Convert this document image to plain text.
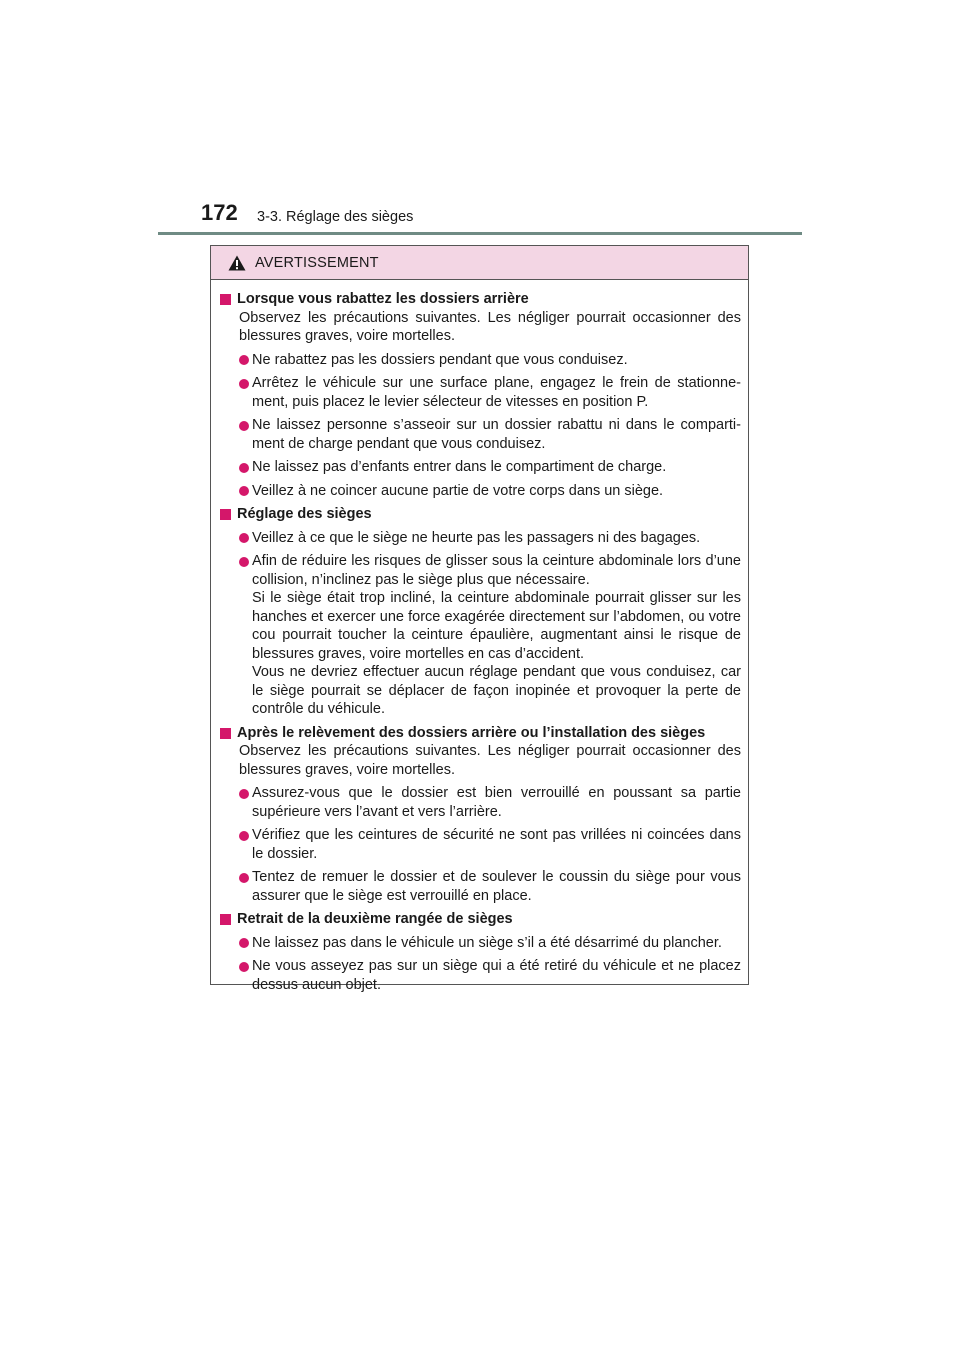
172 3-3. Réglage des sièges
AVERTISSEMENT
Lorsque vous rabattez les dossiers arrière
Observez les précautions suivantes. Les négliger pourrait occasionner des blessures graves, voire mortelles.
Ne rabattez pas les dossiers pendant que vous conduisez.
Arrêtez le véhicule sur une surface plane, engagez le frein de stationnement, puis placez le levier sélecteur de vitesses en position P.
Ne laissez personne s’asseoir sur un dossier rabattu ni dans le compartiment de charge pendant que vous conduisez.
Ne laissez pas d’enfants entrer dans le compartiment de charge.
Veillez à ne coincer aucune partie de votre corps dans un siège.
Réglage des sièges
Veillez à ce que le siège ne heurte pas les passagers ni des bagages.
Afin de réduire les risques de glisser sous la ceinture abdominale lors d’une collision, n’inclinez pas le siège plus que nécessaire.
Si le siège était trop incliné, la ceinture abdominale pourrait glisser sur les hanches et exercer une force exagérée directement sur l’abdomen, ou votre cou pourrait toucher la ceinture épaulière, augmentant ainsi le risque de blessures graves, voire mortelles en cas d’accident.
Vous ne devriez effectuer aucun réglage pendant que vous conduisez, car le siège pourrait se déplacer de façon inopinée et provoquer la perte de contrôle du véhicule.
Après le relèvement des dossiers arrière ou l’installation des sièges
Observez les précautions suivantes. Les négliger pourrait occasionner des blessures graves, voire mortelles.
Assurez-vous que le dossier est bien verrouillé en poussant sa partie supérieure vers l’avant et vers l’arrière.
Vérifiez que les ceintures de sécurité ne sont pas vrillées ni coincées dans le dossier.
Tentez de remuer le dossier et de soulever le coussin du siège pour vous assurer que le siège est verrouillé en place.
Retrait de la deuxième rangée de sièges
Ne laissez pas dans le véhicule un siège s’il a été désarrimé du plancher.
Ne vous asseyez pas sur un siège qui a été retiré du véhicule et ne placez dessus aucun objet.
